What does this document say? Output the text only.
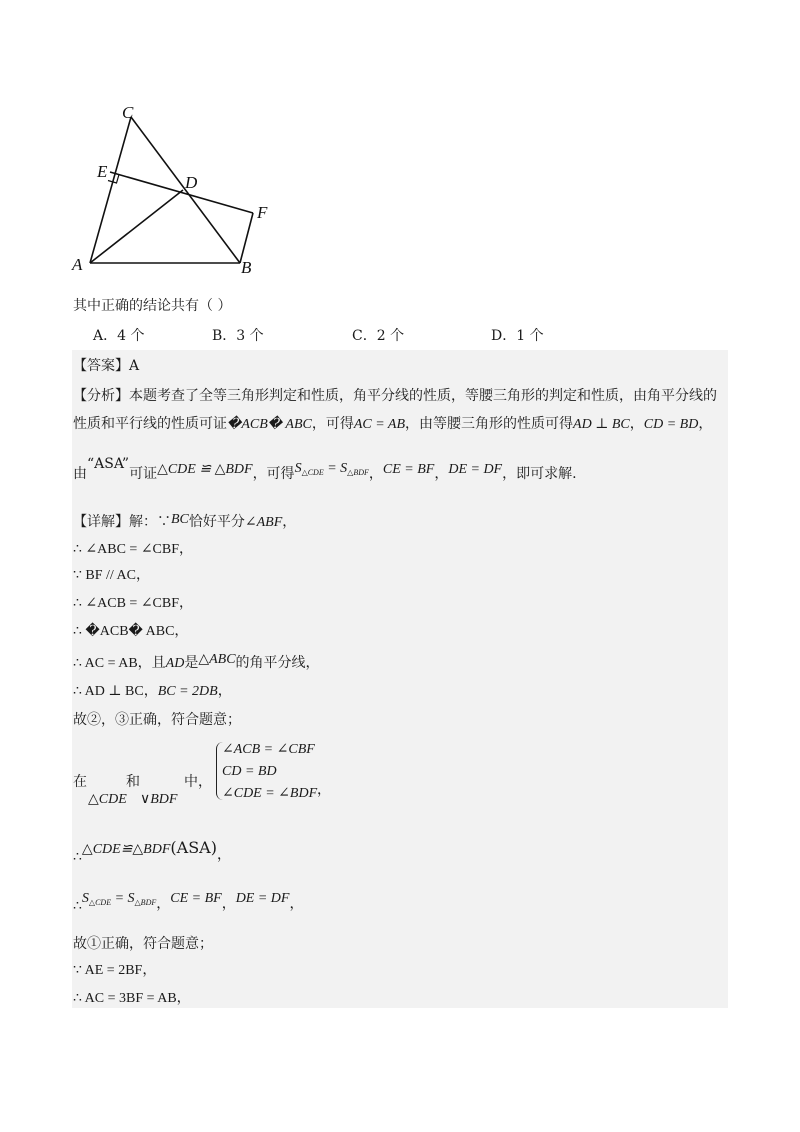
C
E
D
F
A	B
其中正确的结论共有（ ）
A．4 个	B．3 个	C．2 个	D．1 个
【答案】A
【分析】本题考查了全等三角形判定和性质，角平分线的性质，等腰三角形的判定和性质，由角平分线的
性质和平行线的性质可证�ACB� ABC，可得AC = AB，由等腰三角形的性质可得AD ⊥ BC，CD = BD，
由“ASA”可证△CDE ≌ △BDF，可得$S_{\triangle CDE} = S_{\triangle BDF}$，CE = BF，DE = DF，即可求解.
【详解】解：∵BC恰好平分∠ABF，
∴ ∠ABC = ∠CBF，
∵ BF // AC，
∴ ∠ACB = ∠CBF，
∴ �ACB� ABC，
∴ AC = AB，且AD是△ABC的角平分线，
∴ AD ⊥ BC，BC = 2DB，
故②，③正确，符合题意；
在	和	中，
△CDE ∨BDF
∠ACB = ∠CBF
CD = BD
∠CDE = ∠BDF ，
∴△CDE≌△BDF(ASA)，
$\therefore S_{\triangle CDE} = S_{\triangle BDF}$，CE = BF，DE = DF，
故①正确，符合题意；
∵ AE = 2BF，
∴ AC = 3BF = AB，
